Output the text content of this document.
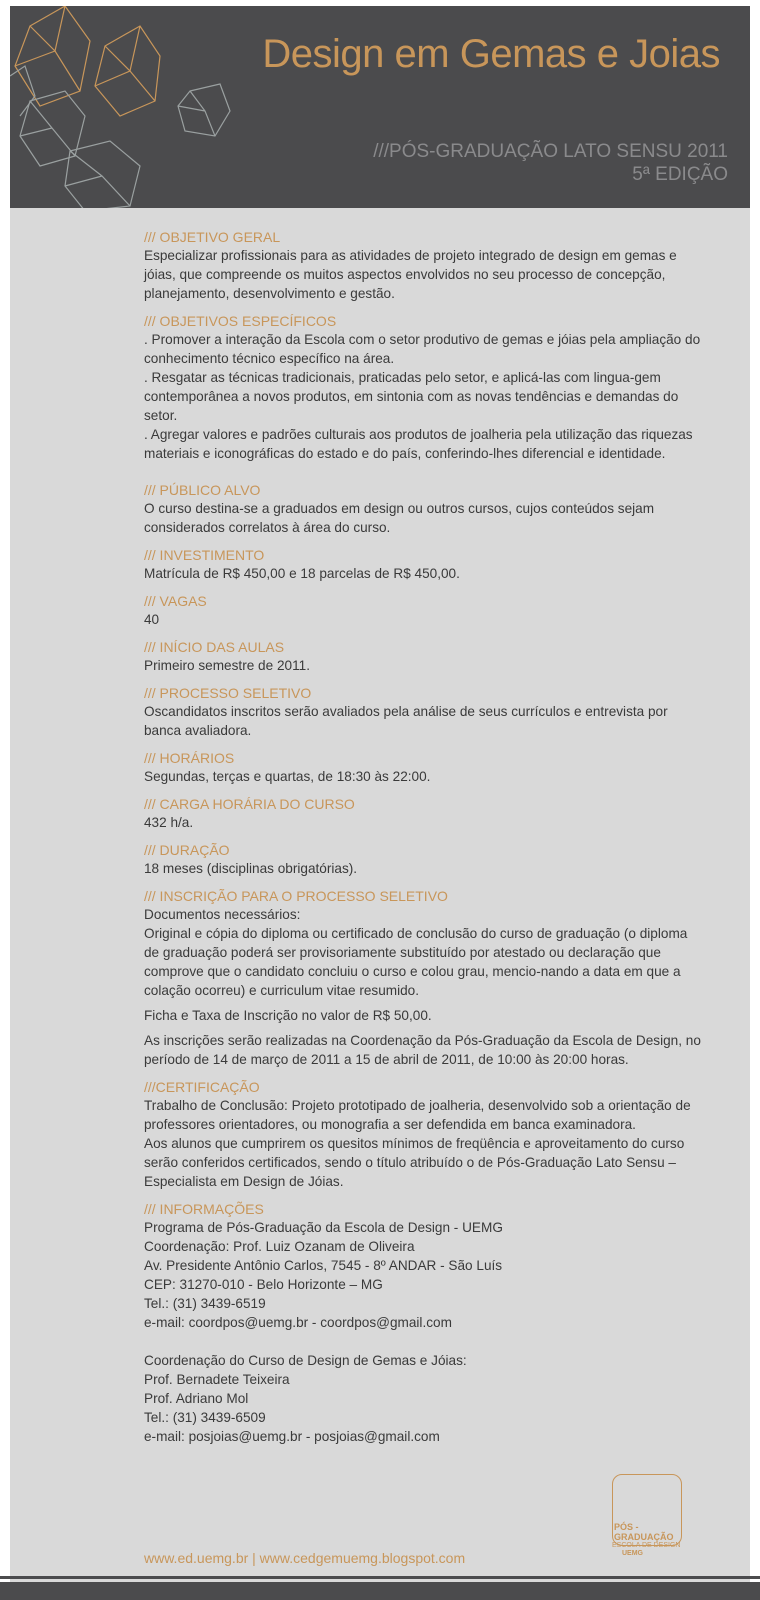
Design em Gemas e Joias
///PÓS-GRADUAÇÃO LATO SENSU 2011
5ª EDIÇÃO
/// OBJETIVO GERAL
Especializar profissionais para as atividades de projeto integrado de design em gemas e jóias, que compreende os muitos aspectos envolvidos no seu processo de concepção, planejamento, desenvolvimento e gestão.
/// OBJETIVOS ESPECÍFICOS
. Promover a interação da Escola com o setor produtivo de gemas e jóias pela ampliação do conhecimento técnico específico na área.
. Resgatar as técnicas tradicionais, praticadas pelo setor, e aplicá-las com lingua-gem contemporânea a novos produtos, em sintonia com as novas tendências e demandas do setor.
. Agregar valores e padrões culturais aos produtos de joalheria pela utilização das riquezas materiais e iconográficas do estado e do país, conferindo-lhes diferencial e identidade.
/// PÚBLICO ALVO
O curso destina-se a graduados em design ou outros cursos, cujos conteúdos sejam considerados correlatos à área do curso.
/// INVESTIMENTO
Matrícula de R$ 450,00 e 18 parcelas de R$ 450,00.
/// VAGAS
40
/// INÍCIO DAS AULAS
Primeiro semestre de 2011.
/// PROCESSO SELETIVO
Oscandidatos inscritos serão avaliados pela análise de seus currículos e entrevista por banca avaliadora.
/// HORÁRIOS
Segundas, terças e quartas, de 18:30 às 22:00.
/// CARGA HORÁRIA DO CURSO
432 h/a.
/// DURAÇÃO
18 meses (disciplinas obrigatórias).
/// INSCRIÇÃO PARA O PROCESSO SELETIVO
Documentos necessários:
Original e cópia do diploma ou certificado de conclusão do curso de graduação (o diploma de graduação poderá ser provisoriamente substituído por atestado ou declaração que comprove que o candidato concluiu o curso e colou grau, mencio-nando a data em que a colação ocorreu) e curriculum vitae resumido.
Ficha e Taxa de Inscrição no valor de R$ 50,00.
As inscrições serão realizadas na Coordenação da Pós-Graduação da Escola de Design, no período de 14 de março de 2011 a 15 de abril de 2011, de 10:00 às 20:00 horas.
///CERTIFICAÇÃO
Trabalho de Conclusão: Projeto prototipado de joalheria, desenvolvido sob a orientação de professores orientadores, ou monografia a ser defendida em banca examinadora.
Aos alunos que cumprirem os quesitos mínimos de freqüência e aproveitamento do curso serão conferidos certificados, sendo o título atribuído o de Pós-Graduação Lato Sensu – Especialista em Design de Jóias.
/// INFORMAÇÕES
Programa de Pós-Graduação da Escola de Design - UEMG
Coordenação: Prof. Luiz Ozanam de Oliveira
Av. Presidente Antônio Carlos, 7545 - 8º ANDAR - São Luís
CEP: 31270-010 - Belo Horizonte – MG
Tel.: (31) 3439-6519
e-mail: coordpos@uemg.br - coordpos@gmail.com
Coordenação do Curso de Design de Gemas e Jóias:
Prof. Bernadete Teixeira
Prof. Adriano Mol
Tel.: (31) 3439-6509
e-mail: posjoias@uemg.br - posjoias@gmail.com
www.ed.uemg.br | www.cedgemuemg.blogspot.com
PÓS -
GRADUAÇÃO
ESCOLA DE DESIGN
UEMG
